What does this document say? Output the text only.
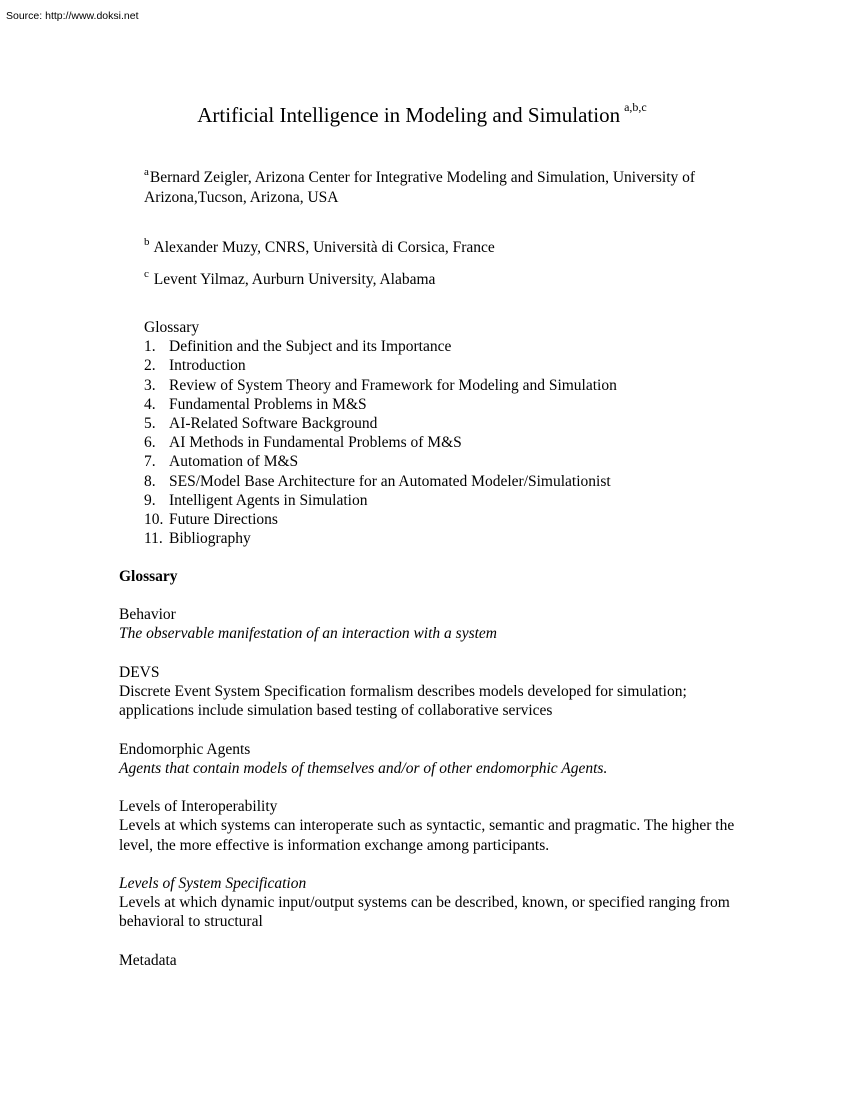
Source: http://www.doksi.net
Artificial Intelligence in Modeling and Simulation $^{a,b,c}$

$^a$Bernard Zeigler, Arizona Center for Integrative Modeling and Simulation, University of Arizona,Tucson, Arizona, USA

$^b$ Alexander Muzy, CNRS, Università di Corsica, France

$^c$ Levent Yilmaz, Aurburn University, Alabama

Glossary

1. Definition and the Subject and its Importance
2. Introduction
3. Review of System Theory and Framework for Modeling and Simulation
4. Fundamental Problems in M&S
5. AI-Related Software Background
6. AI Methods in Fundamental Problems of M&S
7. Automation of M&S
8. SES/Model Base Architecture for an Automated Modeler/Simulationist
9. Intelligent Agents in Simulation
10. Future Directions
11. Bibliography
Glossary

Behavior

The observable manifestation of an interaction with a system

DEVS

Discrete Event System Specification formalism describes models developed for simulation; applications include simulation based testing of collaborative services

Endomorphic Agents

Agents that contain models of themselves and/or of other endomorphic Agents.

Levels of Interoperability

Levels at which systems can interoperate such as syntactic, semantic and pragmatic. The higher the level, the more effective is information exchange among participants.

Levels of System Specification

Levels at which dynamic input/output systems can be described, known, or specified ranging from behavioral to structural

Metadata
